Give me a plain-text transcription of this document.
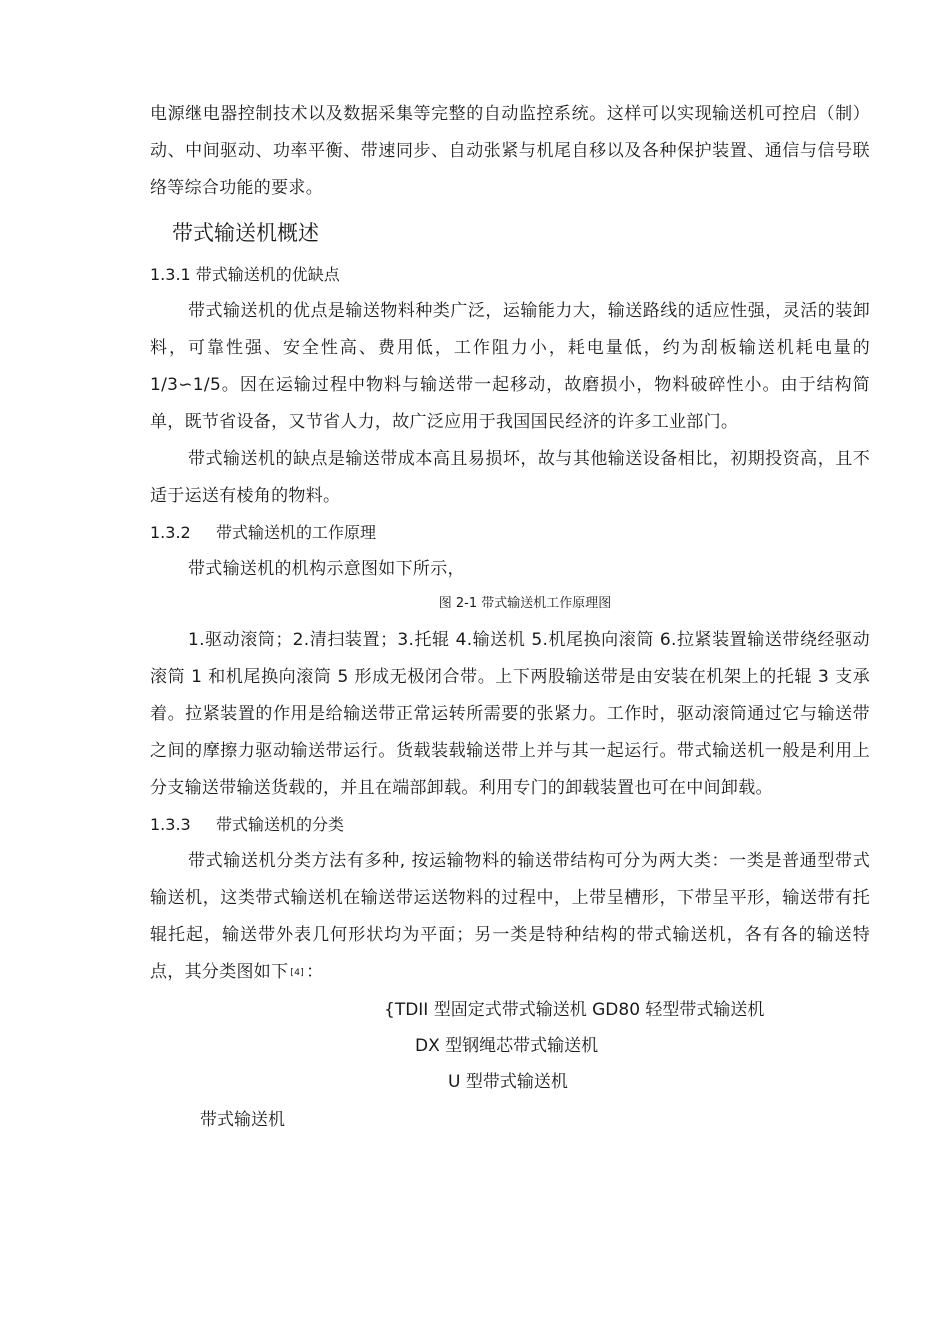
电源继电器控制技术以及数据采集等完整的自动监控系统。这样可以实现输送机可控启（制）动、中间驱动、功率平衡、带速同步、自动张紧与机尾自移以及各种保护装置、通信与信号联络等综合功能的要求。

带式输送机概述
1.3.1 带式输送机的优缺点

带式输送机的优点是输送物料种类广泛，运输能力大，输送路线的适应性强，灵活的装卸料，可靠性强、安全性高、费用低，工作阻力小，耗电量低，约为刮板输送机耗电量的 1/3∽1/5。因在运输过程中物料与输送带一起移动，故磨损小，物料破碎性小。由于结构简单，既节省设备，又节省人力，故广泛应用于我国国民经济的许多工业部门。

带式输送机的缺点是输送带成本高且易损坏，故与其他输送设备相比，初期投资高，且不适于运送有棱角的物料。

1.3.2 带式输送机的工作原理

带式输送机的机构示意图如下所示，

图 2-1 带式输送机工作原理图

1.驱动滚筒；2.清扫装置；3.托辊 4.输送机 5.机尾换向滚筒 6.拉紧装置输送带绕经驱动滚筒 1 和机尾换向滚筒 5 形成无极闭合带。上下两股输送带是由安装在机架上的托辊 3 支承着。拉紧装置的作用是给输送带正常运转所需要的张紧力。工作时，驱动滚筒通过它与输送带之间的摩擦力驱动输送带运行。货载装载输送带上并与其一起运行。带式输送机一般是利用上分支输送带输送货载的，并且在端部卸载。利用专门的卸载装置也可在中间卸载。

1.3.3 带式输送机的分类

带式输送机分类方法有多种, 按运输物料的输送带结构可分为两大类：一类是普通型带式输送机，这类带式输送机在输送带运送物料的过程中，上带呈槽形，下带呈平形，输送带有托辊托起，输送带外表几何形状均为平面；另一类是特种结构的带式输送机，各有各的输送特点，其分类图如下 [4] ：

{TDII 型固定式带式输送机 GD80 轻型带式输送机

DX 型钢绳芯带式输送机

U 型带式输送机

带式输送机
